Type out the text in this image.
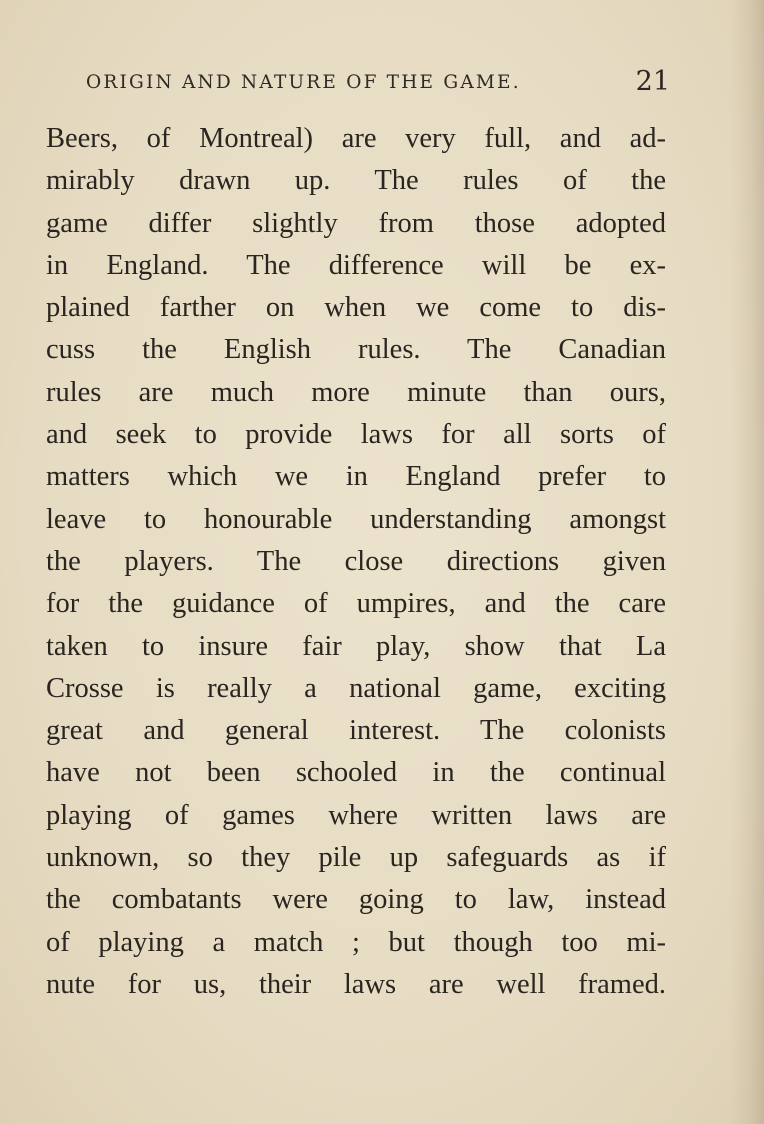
ORIGIN AND NATURE OF THE GAME.	21
Beers, of Montreal) are very full, and ad-
mirably drawn up. The rules of the
game differ slightly from those adopted
in England. The difference will be ex-
plained farther on when we come to dis-
cuss the English rules. The Canadian
rules are much more minute than ours,
and seek to provide laws for all sorts of
matters which we in England prefer to
leave to honourable understanding amongst
the players. The close directions given
for the guidance of umpires, and the care
taken to insure fair play, show that La
Crosse is really a national game, exciting
great and general interest. The colonists
have not been schooled in the continual
playing of games where written laws are
unknown, so they pile up safeguards as if
the combatants were going to law, instead
of playing a match ; but though too mi-
nute for us, their laws are well framed.
